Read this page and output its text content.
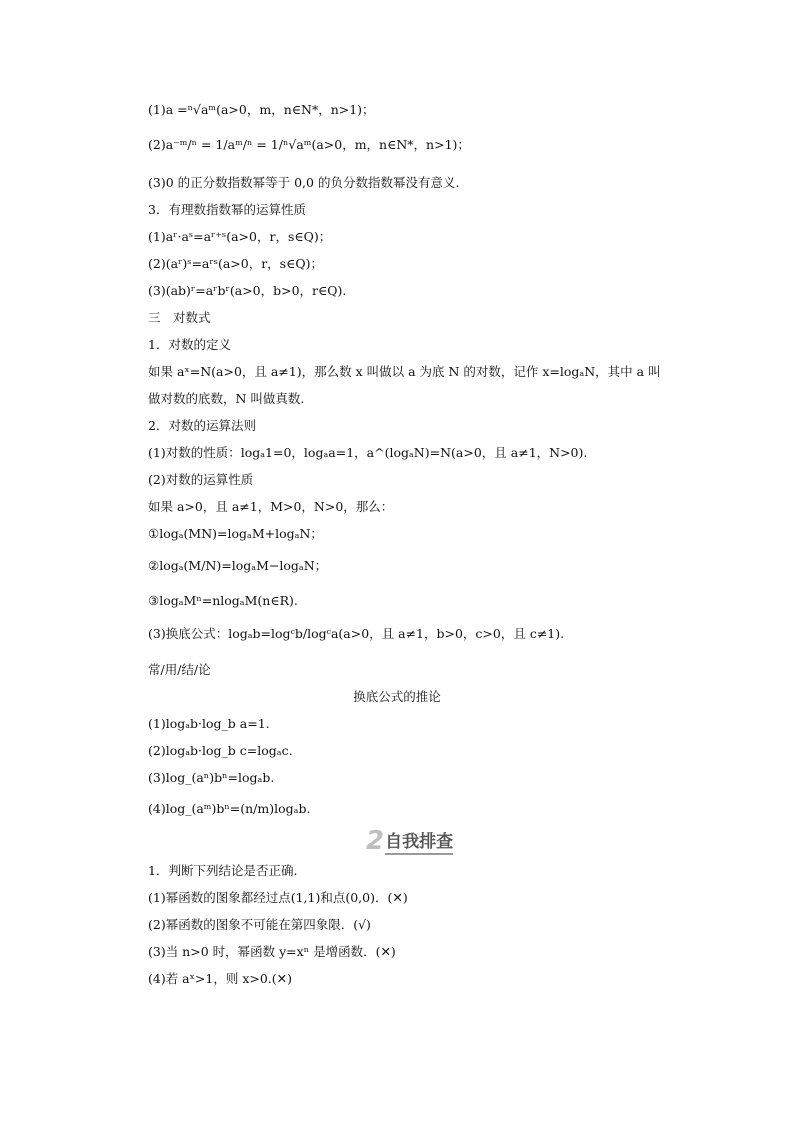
(1)a =ⁿ√aᵐ(a>0，m，n∈N*，n>1)；
(2)a⁻ᵐ/ⁿ = 1/aᵐ/ⁿ = 1/ⁿ√aᵐ(a>0，m，n∈N*，n>1)；
(3)0 的正分数指数幂等于 0,0 的负分数指数幂没有意义.
3．有理数指数幂的运算性质
(1)aʳ·aˢ=aʳ⁺ˢ(a>0，r，s∈Q)；
(2)(aʳ)ˢ=aʳˢ(a>0，r，s∈Q)；
(3)(ab)ʳ=aʳbʳ(a>0，b>0，r∈Q).
三　对数式
1．对数的定义
如果 aˣ=N(a>0，且 a≠1)，那么数 x 叫做以 a 为底 N 的对数，记作 x=logₐN，其中 a 叫
做对数的底数，N 叫做真数.
2．对数的运算法则
(1)对数的性质：logₐ1=0，logₐa=1，a^(logₐN)=N(a>0，且 a≠1，N>0).
(2)对数的运算性质
如果 a>0，且 a≠1，M>0，N>0，那么：
①logₐ(MN)=logₐM+logₐN；
②logₐ(M/N)=logₐM−logₐN；
③logₐMⁿ=nlogₐM(n∈R).
(3)换底公式：logₐb=logᶜb/logᶜa(a>0，且 a≠1，b>0，c>0，且 c≠1).
常/用/结/论
换底公式的推论
(1)logₐb·log_b a=1.
(2)logₐb·log_b c=logₐc.
(3)log_(aⁿ)bⁿ=logₐb.
(4)log_(aᵐ)bⁿ=(n/m)logₐb.
2 自我排查
1．判断下列结论是否正确.
(1)幂函数的图象都经过点(1,1)和点(0,0)．(✕)
(2)幂函数的图象不可能在第四象限．(√)
(3)当 n>0 时，幂函数 y=xⁿ 是增函数．(✕)
(4)若 aˣ>1，则 x>0.(✕)
